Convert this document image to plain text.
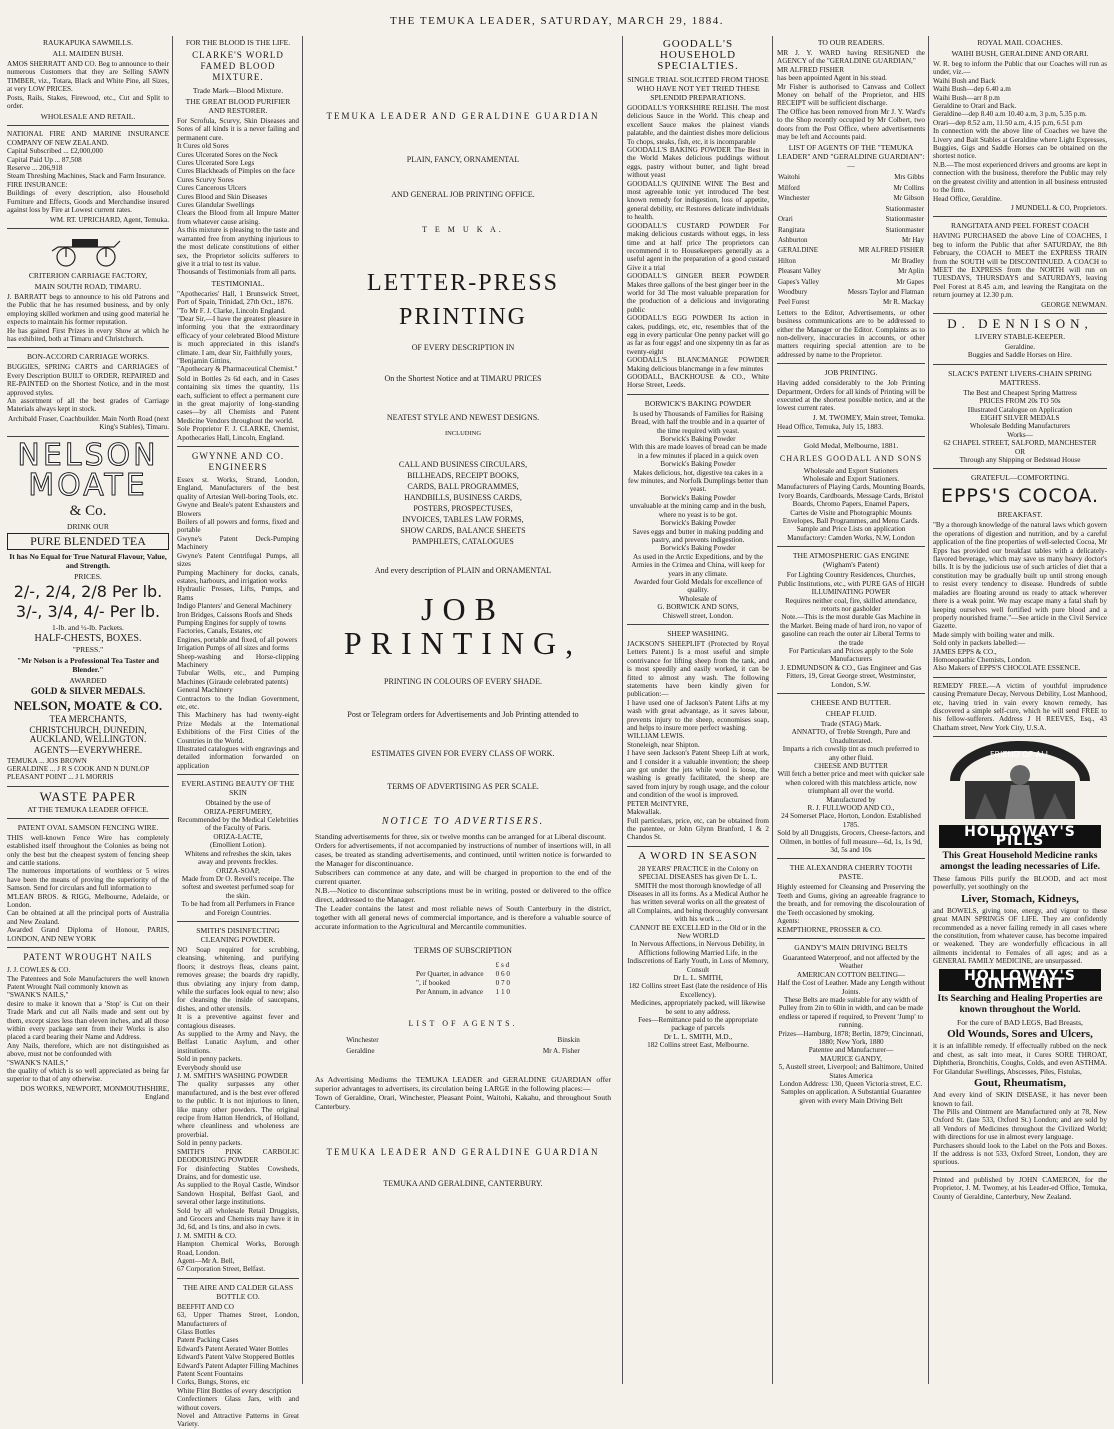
THE TEMUKA LEADER, SATURDAY, MARCH 29, 1884.
RAUKAPUKA SAWMILLS.
ALL MAIDEN BUSH.
AMOS SHERRATT AND CO. Beg to announce to their numerous Customers that they are Selling SAWN TIMBER, viz., Totara, Black and White Pine, all Sizes, at very LOW PRICES.
Posts, Rails, Stakes, Firewood, etc., Cut and Split to order.
WHOLESALE AND RETAIL.
NATIONAL FIRE AND MARINE INSURANCE COMPANY OF NEW ZEALAND.
Capital Subscribed ... £2,000,000
Capital Paid Up ... 87,508
Reserve ... 206,918
Steam Threshing Machines, Stack and Farm Insurance.
FIRE INSURANCE:
Buildings of every description, also Household Furniture and Effects, Goods and Merchandise insured against loss by Fire at Lowest current rates.
WM. RT. UPRICHARD, Agent, Temuka.
CRITERION CARRIAGE FACTORY,
MAIN SOUTH ROAD, TIMARU.
J. BARRATT begs to announce to his old Patrons and the Public that he has resumed business, and by only employing skilled workmen and using good material he expects to maintain his former reputation.
He has gained First Prizes in every Show at which he has exhibited, both at Timaru and Christchurch.
BON-ACCORD CARRIAGE WORKS.
BUGGIES, SPRING CARTS and CARRIAGES of Every Description BUILT to ORDER, REPAIRED and RE-PAINTED on the Shortest Notice, and in the most approved styles.
An assortment of all the best grades of Carriage Materials always kept in stock.
Archibald Fraser, Coachbuilder. Main North Road (next King's Stables), Timaru.
NELSON
MOATE
& Co.
DRINK OUR
PURE BLENDED TEA
It has No Equal for True Natural Flavour, Value, and Strength.
PRICES.
2/-, 2/4, 2/8 Per lb.
3/-, 3/4, 4/- Per lb.
1-lb. and ½-lb. Packets.
HALF-CHESTS, BOXES.
"PRESS."
"Mr Nelson is a Professional Tea Taster and Blender."
AWARDED
GOLD & SILVER MEDALS.
NELSON, MOATE & CO.
TEA MERCHANTS,
CHRISTCHURCH, DUNEDIN, AUCKLAND, WELLINGTON.
AGENTS—EVERYWHERE.
TEMUKA ... JOS BROWN
GERALDINE ... J R S COOK AND N DUNLOP
PLEASANT POINT ... J L MORRIS
WASTE PAPER
AT THE TEMUKA LEADER OFFICE.
PATENT OVAL SAMSON FENCING WIRE.
THIS well-known Fence Wire has completely established itself throughout the Colonies as being not only the best but the cheapest system of fencing sheep and cattle stations.
The numerous importations of worthless or 5 wires have been the means of proving the superiority of the Samson. Send for circulars and full information to
M'LEAN BROS. & RIGG, Melbourne, Adelaide, or London.
Can be obtained at all the principal ports of Australia and New Zealand.
Awarded Grand Diploma of Honour, PARIS, LONDON, AND NEW YORK
PATENT WROUGHT NAILS
J. J. COWLES & CO.
The Patentees and Sole Manufacturers the well known Patent Wrought Nail commonly known as
"SWANK'S NAILS,"
desire to make it known that a 'Stop' is Cut on their Trade Mark and cut all Nails made and sent out by them, except sizes less than eleven inches, and all those within every package sent from their Works is also placed a card bearing their Name and Address.
Any Nails, therefore, which are not distinguished as above, must not be confounded with
"SWANK'S NAILS,"
the quality of which is so well appreciated as being far superior to that of any otherwise.
DOS WORKS, NEWPORT, MONMOUTHSHIRE, England
FOR THE BLOOD IS THE LIFE.
CLARKE'S WORLD FAMED BLOOD MIXTURE.
Trade Mark—Blood Mixture.
THE GREAT BLOOD PURIFIER AND RESTORER.
For Scrofula, Scurvy, Skin Diseases and Sores of all kinds it is a never failing and permanent cure.
It Cures old Sores
Cures Ulcerated Sores on the Neck
Cures Ulcerated Sore Legs
Cures Blackheads of Pimples on the face
Cures Scurvy Sores
Cures Cancerous Ulcers
Cures Blood and Skin Diseases
Cures Glandular Swellings
Clears the Blood from all Impure Matter from whatever cause arising.
As this mixture is pleasing to the taste and warranted free from anything injurious to the most delicate constitutions of either sex, the Proprietor solicits sufferers to give it a trial to test its value.
Thousands of Testimonials from all parts.
TESTIMONIAL.
"Apothecaries' Hall, 1 Brunswick Street, Port of Spain, Trinidad, 27th Oct., 1876.
"To Mr F. J. Clarke, Lincoln England.
"Dear Sir,—I have the greatest pleasure in informing you that the extraordinary efficacy of your celebrated Blood Mixture is much appreciated in this island's climate. I am, dear Sir, Faithfully yours,
"Benjamin Gittins,
"Apothecary & Pharmaceutical Chemist."
Sold in Bottles 2s 6d each, and in Cases containing six times the quantity, 11s each, sufficient to effect a permanent cure in the great majority of long-standing cases—by all Chemists and Patent Medicine Vendors throughout the world.
Sole Proprietor F. J. CLARKE, Chemist, Apothecaries Hall, Lincoln, England.
GWYNNE AND CO. ENGINEERS
Essex st. Works, Strand, London, England, Manufacturers of the best quality of Artesian Well-boring Tools, etc.
Gwyne and Beale's patent Exhausters and Blowers
Boilers of all powers and forms, fixed and portable
Gwyne's Patent Deck-Pumping Machinery
Gwyne's Patent Centrifugal Pumps, all sizes
Pumping Machinery for docks, canals, estates, harbours, and irrigation works
Hydraulic Presses, Lifts, Pumps, and Rams
Indigo Planters' and General Machinery
Iron Bridges, Caissons Roofs and Sheds
Pumping Engines for supply of towns
Factories, Canals, Estates, etc
Engines, portable and fixed, of all powers
Irrigation Pumps of all sizes and forms
Sheep-washing and Horse-clipping Machinery
Tubular Wells, etc., and Pumping Machines (Giraude celebrated patents)
General Machinery
Contractors to the Indian Government, etc, etc.
This Machinery has had twenty-eight Prize Medals at the International Exhibitions of the First Cities of the Countries in the World.
Illustrated catalogues with engravings and detailed information forwarded on application
EVERLASTING BEAUTY OF THE SKIN
Obtained by the use of
ORIZA-PERFUMERY,
Recommended by the Medical Celebrities of the Faculty of Paris.
ORIZA-LACTE,
(Emollient Lotion).
Whitens and refreshes the skin, takes away and prevents freckles.
ORIZA-SOAP,
Made from Dr O. Reveil's receipe. The softest and sweetest perfumed soap for the skin.
To be had from all Perfumers in France and Foreign Countries.
SMITH'S DISINFECTING CLEANING POWDER.
NO Soap required for scrubbing, cleansing, whitening, and purifying floors; it destroys fleas, cleans paint, removes grease; the boards dry rapidly, thus obviating any injury from damp, while the surfaces look equal to new; also for cleansing the inside of saucepans, dishes, and other utensils.
It is a preventive against fever and contagious diseases.
As supplied to the Army and Navy, the Belfast Lunatic Asylum, and other institutions.
Sold in penny packets.
Everybody should use
J. M. SMITH'S WASHING POWDER
The quality surpasses any other manufactured, and is the best ever offered to the public. It is not injurious to linen, like many other powders. The original recipe from Hatton Hendrick, of Holland, where cleanliness and wholeness are proverbial.
Sold in penny packets.
SMITH'S PINK CARBOLIC DEODORISING POWDER
For disinfecting Stables Cowsheds, Drains, and for domestic use.
As supplied to the Royal Castle, Windsor Sandown Hospital, Belfast Gaol, and several other large institutions.
Sold by all wholesale Retail Druggists, and Grocers and Chemists may have it in 3d, 6d, and 1s tins, and also in cwts.
J. M. SMITH & CO.
Hampton Chemical Works, Borough Road, London.
Agent—Mr A. Bell,
67 Corporation Street, Belfast.
THE AIRE AND CALDER GLASS BOTTLE CO.
BEEFFIT AND CO
63, Upper Thames Street, London, Manufacturers of
Glass Bottles
Patent Packing Cases
Edward's Patent Aerated Water Bottles
Edward's Patent Valve Stoppered Bottles
Edward's Patent Adapter Filling Machines
Patent Scent Fountains
Corks, Bungs, Stores, etc
White Flint Bottles of every description
Confectioners Glass Jars, with and without covers.
Novel and Attractive Patterns in Great Variety.
TEMUKA LEADER AND GERALDINE GUARDIAN
PLAIN, FANCY, ORNAMENTAL
AND GENERAL JOB PRINTING OFFICE.
T E M U K A.
LETTER-PRESS PRINTING
OF EVERY DESCRIPTION IN
On the Shortest Notice and at TIMARU PRICES
NEATEST STYLE AND NEWEST DESIGNS.
INCLUDING
CALL AND BUSINESS CIRCULARS,
BILLHEADS, RECEIPT BOOKS,
CARDS, BALL PROGRAMMES,
HANDBILLS, BUSINESS CARDS,
POSTERS, PROSPECTUSES,
INVOICES, TABLES LAW FORMS,
SHOW CARDS, BALANCE SHEETS
PAMPHLETS, CATALOGUES
And every description of PLAIN and ORNAMENTAL
JOB PRINTING,
PRINTING IN COLOURS OF EVERY SHADE.
Post or Telegram orders for Advertisements and Job Printing attended to
ESTIMATES GIVEN FOR EVERY CLASS OF WORK.
TERMS OF ADVERTISING AS PER SCALE.
NOTICE TO ADVERTISERS.
Standing advertisements for three, six or twelve months can be arranged for at Liberal discount.
Orders for advertisements, if not accompanied by instructions of number of insertions will, in all cases, be treated as standing advertisements, and continued, until written notice is forwarded to the Manager for discontinuance.
Subscribers can commence at any date, and will be charged in proportion to the end of the current quarter.
N.B.—Notice to discontinue subscriptions must be in writing, posted or delivered to the office direct, addressed to the Manager.
The Leader contains the latest and most reliable news of South Canterbury in the district, together with all general news of commercial importance, and is therefore a valuable source of accurate information to the Agricultural and Mercantile communities.
TERMS OF SUBSCRIPTION
	£ s d
Per Quarter, in advance	0 6 0
", if booked	0 7 0
Per Annum, in advance	1 1 0
LIST OF AGENTS.
Winchester	Binskin
Geraldine	Mr A. Fisher
As Advertising Mediums the TEMUKA LEADER and GERALDINE GUARDIAN offer superior advantages to advertisers, its circulation being LARGE in the following places:—
Town of Geraldine, Orari, Winchester, Pleasant Point, Waitohi, Kakahu, and throughout South Canterbury.
TEMUKA LEADER AND GERALDINE GUARDIAN
TEMUKA AND GERALDINE, CANTERBURY.
GOODALL'S HOUSEHOLD SPECIALTIES.
SINGLE TRIAL SOLICITED FROM THOSE WHO HAVE NOT YET TRIED THESE SPLENDID PREPARATIONS.
GOODALL'S YORKSHIRE RELISH. The most delicious Sauce in the World. This cheap and excellent Sauce makes the plainest viands palatable, and the daintiest dishes more delicious To chops, steaks, fish, etc, it is incomparable
GOODALL'S BAKING POWDER The Best in the World Makes delicious puddings without eggs, pastry without butter, and light bread without yeast
GOODALL'S QUININE WINE The Best and most agreeable tonic yet introduced The best known remedy for indigestion, loss of appetite, general debility, etc Restores delicate individuals to health.
GOODALL'S CUSTARD POWDER For making delicious custards without eggs, in less time and at half price The proprietors can recommend it to Housekeepers generally as a useful agent in the preparation of a good custard Give it a trial
GOODALL'S GINGER BEER POWDER Makes three gallons of the best ginger beer in the world for 3d The most valuable preparation for the production of a delicious and invigorating public
GOODALL'S EGG POWDER Its action in cakes, puddings, etc, etc, resembles that of the egg in every particular One penny packet will go as far as four eggs! and one sixpenny tin as far as twenty-eight
GOODALL'S BLANCMANGE POWDER Making delicious blancmange in a few minutes
GOODALL, BACKHOUSE & CO., White Horse Street, Leeds.
BORWICK'S BAKING POWDER
Is used by Thousands of Families for Raising Bread, with half the trouble and in a quarter of the time required with yeast.
Borwick's Baking Powder
With this are made loaves of bread can be made in a few minutes if placed in a quick oven
Borwick's Baking Powder
Makes delicious, hot, digestive tea cakes in a few minutes, and Norfolk Dumplings better than yeast.
Borwick's Baking Powder
unvaluable at the mining camp and in the bush, where no yeast is to be got.
Borwick's Baking Powder
Saves eggs and butter in making pudding and pastry, and prevents indigestion.
Borwick's Baking Powder
As used in the Arctic Expeditions, and by the Armies in the Crimea and China, will keep for years in any climate.
Awarded four Gold Medals for excellence of quality.
Wholesale of
G. BORWICK AND SONS,
Chiswell street, London.
SHEEP WASHING.
JACKSON'S SHEEPLIFT (Protected by Royal Letters Patent.) Is a most useful and simple contrivance for lifting sheep from the tank, and is most speedily and easily worked, it can be fitted to almost any wash. The following statements have been kindly given for publication:—
I have used one of Jackson's Patent Lifts at my wash with great advantage, as it saves labour, prevents injury to the sheep, economises soap, and helps to insure more perfect washing.
WILLIAM LEWIS.
Stoneleigh, near Shipton.
I have seen Jackson's Patent Sheep Lift at work, and I consider it a valuable invention; the sheep are got under the jets while wool is loose, the washing is greatly facilitated, the sheep are saved from injury by rough usage, and the colour and condition of the wool is improved.
PETER McINTYRE,
Makwallak.
Full particulars, price, etc, can be obtained from the patentee, or John Glynn Branford, 1 & 2 Chandos St.
A WORD IN SEASON
28 YEARS' PRACTICE in the Colony on SPECIAL DISEASES has given Dr L. L. SMITH the most thorough knowledge of all Diseases in all its forms. As a Medical Author he has written several works on all the greatest of all Complaints, and being thoroughly conversant with his work ...
CANNOT BE EXCELLED in the Old or in the New WORLD
In Nervous Affections, in Nervous Debility, in Afflictions following Married Life, in the Indiscretions of Early Youth, in Loss of Memory, Consult
Dr L. L. SMITH,
182 Collins street East (late the residence of His Excellency).
Medicines, appropriately packed, will likewise be sent to any address.
Fees—Remittance paid to the appropriate package of parcels
Dr L. L. SMITH, M.D.,
182 Collins street East, Melbourne.
TO OUR READERS.
MR J. Y. WARD having RESIGNED the AGENCY of the "GERALDINE GUARDIAN,"
MR ALFRED FISHER
has been appointed Agent in his stead.
Mr Fisher is authorised to Canvass and Collect Money on behalf of the Proprietor, and HIS RECEIPT will be sufficient discharge.
The Office has been removed from Mr J. Y. Ward's to the Shop recently occupied by Mr Colbert, two doors from the Post Office, where advertisements may be left and Accounts paid.
LIST OF AGENTS OF THE "TEMUKA LEADER" AND "GERALDINE GUARDIAN":—
Waitohi	Mrs Gibbs
Milford	Mr Collins
Winchester	Mr Gibson
	Stationmaster
Orari	Stationmaster
Rangitata	Stationmaster
Ashburton	Mr Hay
GERALDINE	MR ALFRED FISHER
Hilton	Mr Bradley
Pleasant Valley	Mr Aplin
Gapes's Valley	Mr Gapes
Woodbury	Messrs Taylor and Flatman
Peel Forest	Mr R. Mackay
Letters to the Editor, Advertisements, or other business communications are to be addressed to either the Manager or the Editor. Complaints as to non-delivery, inaccuracies in accounts, or other matters requiring special attention are to be addressed by name to the Proprietor.
JOB PRINTING.
Having added considerably to the Job Printing Department, Orders for all kinds of Printing will be executed at the shortest possible notice, and at the lowest current rates.
J. M. TWOMEY, Main street, Temuka.
Head Office, Temuka, July 15, 1883.
Gold Medal, Melbourne, 1881.
CHARLES GOODALL AND SONS
Wholesale and Export Stationers
Wholesale and Export Stationers.
Manufacturers of Playing Cards, Mounting Boards, Ivory Boards, Cardboards, Message Cards, Bristol Boards, Chromo Papers, Enamel Papers,
Cartes de Visite and Photographic Mounts Envelopes, Ball Programmes, and Menu Cards.
Sample and Price Lists on application
Manufactory: Camden Works, N.W, London
THE ATMOSPHERIC GAS ENGINE (Wigham's Patent)
For Lighting Country Residences, Churches, Public Institutions, etc., with PURE GAS of HIGH ILLUMINATING POWER
Requires neither coal, fire, skilled attendance, retorts nor gasholder
Note.—This is the most durable Gas Machine in the Market. Being made of hard iron, no vapor of gasoline can reach the outer air Liberal Terms to the trade
For Particulars and Prices apply to the Sole Manufacturers
J. EDMUNDSON & CO., Gas Engineer and Gas Fitters, 19, Great George street, Westminster, London, S.W.
CHEESE AND BUTTER.
CHEAP FLUID.
Trade (STAG) Mark.
ANNATTO, of Treble Strength, Pure and Unadulterated.
Imparts a rich cowslip tint as much preferred to any other fluid.
CHEESE AND BUTTER
Will fetch a better price and meet with quicker sale when colored with this matchless article, now triumphant all over the world.
Manufactured by
R. J. FULLWOOD AND CO.,
24 Somerset Place, Horton, London. Established 1785.
Sold by all Druggists, Grocers, Cheese-factors, and Oilmen, in bottles of full measure—6d, 1s, 1s 9d, 3d, 5s and 10s
THE ALEXANDRA CHERRY TOOTH PASTE.
Highly esteemed for Cleansing and Preserving the Teeth and Gums, giving an agreeable fragrance to the breath, and for removing the discolouration of the Teeth occasioned by smoking.
Agents:
KEMPTHORNE, PROSSER & CO.
GANDY'S MAIN DRIVING BELTS
Guaranteed Waterproof, and not affected by the Weather
AMERICAN COTTON BELTING—
Half the Cost of Leather. Made any Length without Joints.
These Belts are made suitable for any width of Pulley from 2in to 60in in width, and can be made endless or tapered if required, to Prevent 'Jump' to running.
Prizes—Hamburg, 1878; Berlin, 1879; Cincinnati, 1880; New York, 1880
Patentee and Manufacturer—
MAURICE GANDY,
5, Austell street, Liverpool; and Baltimore, United States America
London Address: 130, Queen Victoria street, E.C.
Samples on application. A Substantial Guarantee given with every Main Driving Belt
ROYAL MAIL COACHES.
WAIHI BUSH, GERALDINE AND ORARI.
W. R. beg to inform the Public that our Coaches will run as under, viz.—
Waihi Bush and Back
Waihi Bush—dep 6.40 a.m
Waihi Bush—arr 8 p.m
Geraldine to Orari and Back.
Geraldine—dep 8.40 a.m 10.40 a.m, 3 p.m, 5.35 p.m.
Orari—dep 8.52 a.m, 11.50 a.m, 4.15 p.m, 6.51 p.m
In connection with the above line of Coaches we have the Livery and Bait Stables at Geraldine where Light Expresses, Buggies, Gigs and Saddle Horses can be obtained on the shortest notice.
N.B.—The most experienced drivers and grooms are kept in connection with the business, therefore the Public may rely on the greatest civility and attention in all business entrusted to the firm.
Head Office, Geraldine.
J MUNDELL & CO, Proprietors.
RANGITATA AND PEEL FOREST COACH
HAVING PURCHASED the above Line of COACHES, I beg to inform the Public that after SATURDAY, the 8th February, the COACH to MEET the EXPRESS TRAIN from the SOUTH will be DISCONTINUED. A COACH to MEET the EXPRESS from the NORTH will run on TUESDAYS, THURSDAYS and SATURDAYS, leaving Peel Forest at 8.45 a.m, and leaving the Rangitata on the return journey at 12.30 p.m.
GEORGE NEWMAN.
D. DENNISON,
LIVERY STABLE-KEEPER.
Geraldine.
Buggies and Saddle Horses on Hire.
SLACK'S PATENT LIVERS-CHAIN SPRING MATTRESS.
The Best and Cheapest Spring Mattress
PRICES FROM 20s TO 50s
Illustrated Catalogue on Application
EIGHT SILVER MEDALS
Wholesale Bedding Manufacturers
Works—
62 CHAPEL STREET, SALFORD, MANCHESTER
OR
Through any Shipping or Bedstead House
GRATEFUL—COMFORTING.
EPPS'S COCOA.
BREAKFAST.
"By a thorough knowledge of the natural laws which govern the operations of digestion and nutrition, and by a careful application of the fine properties of well-selected Cocoa, Mr Epps has provided our breakfast tables with a delicately-flavored beverage, which may save us many heavy doctor's bills. It is by the judicious use of such articles of diet that a constitution may be gradually built up until strong enough to resist every tendency to disease. Hundreds of subtle maladies are floating around us ready to attack wherever there is a weak point. We may escape many a fatal shaft by keeping ourselves well fortified with pure blood and a properly nourished frame."—See article in the Civil Service Gazette.
Made simply with boiling water and milk.
Sold only in packets labelled:—
JAMES EPPS & CO.,
Homoeopathic Chemists, London.
Also Makers of EPPS'S CHOCOLATE ESSENCE.
REMEDY FREE.—A victim of youthful imprudence causing Premature Decay, Nervous Debility, Lost Manhood, etc, having tried in vain every known remedy, has discovered a simple self-cure, which he will send FREE to his fellow-sufferers. Address J H REEVES, Esq., 43 Chatham street, New York City, U.S.A.
FRIEND OF ALL
HOLLOWAY'S PILLS
This Great Household Medicine ranks amongst the leading necessaries of Life.
These famous Pills purify the BLOOD, and act most powerfully, yet soothingly on the
Liver, Stomach, Kidneys,
and BOWELS, giving tone, energy, and vigour to these great MAIN SPRINGS OF LIFE. They are confidently recommended as a never failing remedy in all cases where the constitution, from whatever cause, has become impaired or weakened. They are wonderfully efficacious in all ailments incidental to Females of all ages; and as a GENERAL FAMILY MEDICINE, are unsurpassed.
HOLLOWAY'S OINTMENT
Its Searching and Healing Properties are known throughout the World.
For the cure of BAD LEGS, Bad Breasts,
Old Wounds, Sores and Ulcers,
it is an infallible remedy. If effectually rubbed on the neck and chest, as salt into meat, it Cures SORE THROAT, Diphtheria, Bronchitis, Coughs, Colds, and even ASTHMA. For Glandular Swellings, Abscesses, Piles, Fistulas,
Gout, Rheumatism,
And every kind of SKIN DISEASE, it has never been known to fail.
The Pills and Ointment are Manufactured only at 78, New Oxford St. (late 533, Oxford St.) London; and are sold by all Vendors of Medicines throughout the Civilized World; with directions for use in almost every language.
Purchasers should look to the Label on the Pots and Boxes. If the address is not 533, Oxford Street, London, they are spurious.
Printed and published by JOHN CAMERON, for the Proprietor, J. M. Twomey, at his Leader-ed Office, Temuka, County of Geraldine, Canterbury, New Zealand.
